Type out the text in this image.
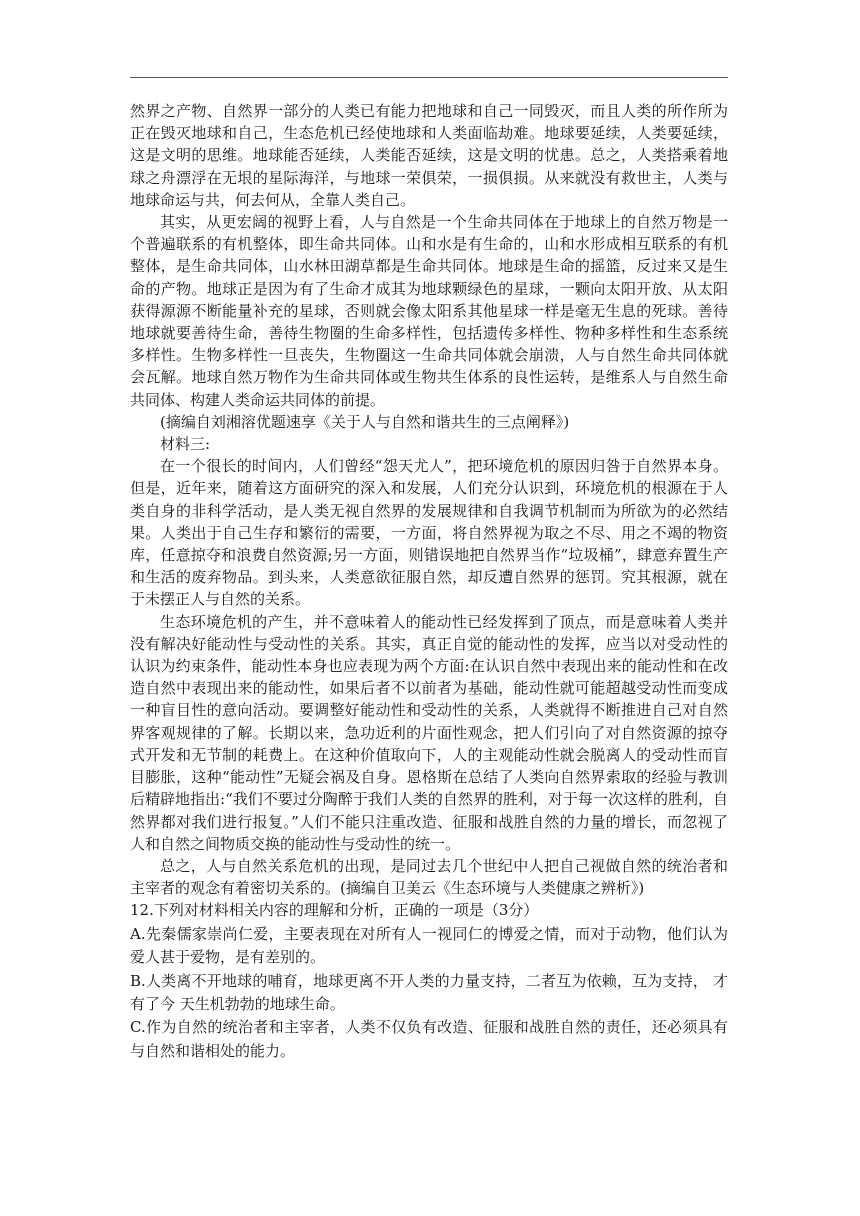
然界之产物、自然界一部分的人类已有能力把地球和自己一同毁灭，而且人类的所作所为正在毁灭地球和自己，生态危机已经使地球和人类面临劫难。地球要延续，人类要延续，这是文明的思维。地球能否延续，人类能否延续，这是文明的忧患。总之，人类搭乘着地球之舟漂浮在无垠的星际海洋，与地球一荣俱荣，一损俱损。从来就没有救世主，人类与地球命运与共，何去何从，全靠人类自己。

其实，从更宏阔的视野上看，人与自然是一个生命共同体在于地球上的自然万物是一个普遍联系的有机整体，即生命共同体。山和水是有生命的，山和水形成相互联系的有机整体，是生命共同体，山水林田湖草都是生命共同体。地球是生命的摇篮，反过来又是生命的产物。地球正是因为有了生命才成其为地球颗绿色的星球，一颗向太阳开放、从太阳获得源源不断能量补充的星球，否则就会像太阳系其他星球一样是毫无生息的死球。善待地球就要善待生命，善待生物圈的生命多样性，包括遗传多样性、物种多样性和生态系统多样性。生物多样性一旦丧失，生物圈这一生命共同体就会崩溃，人与自然生命共同体就会瓦解。地球自然万物作为生命共同体或生物共生体系的良性运转，是维系人与自然生命共同体、构建人类命运共同体的前提。

(摘编自刘湘溶优题速享《关于人与自然和谐共生的三点阐释》)

材料三:

在一个很长的时间内，人们曾经“怨天尤人”，把环境危机的原因归咎于自然界本身。但是，近年来，随着这方面研究的深入和发展，人们充分认识到，环境危机的根源在于人类自身的非科学活动，是人类无视自然界的发展规律和自我调节机制而为所欲为的必然结果。人类出于自己生存和繁衍的需要，一方面，将自然界视为取之不尽、用之不竭的物资库，任意掠夺和浪费自然资源;另一方面，则错误地把自然界当作“垃圾桶”，肆意弃置生产和生活的废弃物品。到头来，人类意欲征服自然，却反遭自然界的惩罚。究其根源，就在于未摆正人与自然的关系。

生态环境危机的产生，并不意味着人的能动性已经发挥到了顶点，而是意味着人类并没有解决好能动性与受动性的关系。其实，真正自觉的能动性的发挥，应当以对受动性的认识为约束条件，能动性本身也应表现为两个方面:在认识自然中表现出来的能动性和在改造自然中表现出来的能动性，如果后者不以前者为基础，能动性就可能超越受动性而变成一种盲目性的意向活动。要调整好能动性和受动性的关系，人类就得不断推进自己对自然界客观规律的了解。长期以来，急功近利的片面性观念，把人们引向了对自然资源的掠夺式开发和无节制的耗费上。在这种价值取向下，人的主观能动性就会脱离人的受动性而盲目膨胀，这种“能动性”无疑会祸及自身。恩格斯在总结了人类向自然界索取的经验与教训后精辟地指出:“我们不要过分陶醉于我们人类的自然界的胜利，对于每一次这样的胜利，自然界都对我们进行报复。”人们不能只注重改造、征服和战胜自然的力量的增长，而忽视了人和自然之间物质交换的能动性与受动性的统一。

总之，人与自然关系危机的出现，是同过去几个世纪中人把自己视做自然的统治者和主宰者的观念有着密切关系的。(摘编自卫美云《生态环境与人类健康之辨析》)

12.下列对材料相关内容的理解和分析，正确的一项是（3分）

A.先秦儒家崇尚仁爱，主要表现在对所有人一视同仁的博爱之情，而对于动物，他们认为爱人甚于爱物，是有差别的。

B.人类离不开地球的哺育，地球更离不开人类的力量支持，二者互为依赖，互为支持， 才有了今 天生机勃勃的地球生命。

C.作为自然的统治者和主宰者，人类不仅负有改造、征服和战胜自然的责任，还必须具有与自然和谐相处的能力。
